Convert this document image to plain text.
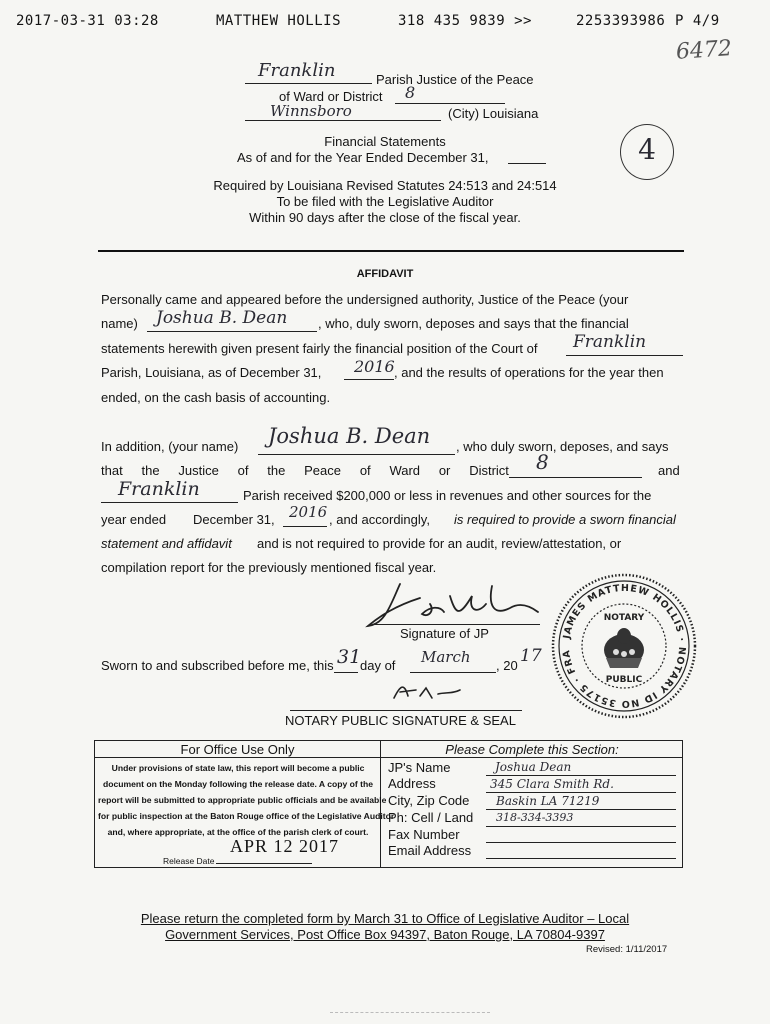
2017-03-31 03:28	MATTHEW HOLLIS	318 435 9839 >>	2253393986 P 4/9
6472
Franklin	Parish Justice of the Peace
of Ward or District 8
Winnsboro	(City) Louisiana
Financial Statements
As of and for the Year Ended December 31,	4
Required by Louisiana Revised Statutes 24:513 and 24:514
To be filed with the Legislative Auditor
Within 90 days after the close of the fiscal year.
AFFIDAVIT
Personally came and appeared before the undersigned authority, Justice of the Peace (your
name) Joshua B. Dean , who, duly sworn, deposes and says that the financial
statements herewith given present fairly the financial position of the Court of Franklin
Parish, Louisiana, as of December 31, 2016 , and the results of operations for the year then
ended, on the cash basis of accounting.
In addition, (your name) Joshua B. Dean , who duly sworn, deposes, and says
that the Justice of the Peace of Ward or District 8	and
Franklin	Parish received $200,000 or less in revenues and other sources for the
year ended December 31, 2016 , and accordingly, is required to provide a sworn financial
statement and affidavit and is not required to provide for an audit, review/attestation, or
compilation report for the previously mentioned fiscal year.
Signature of JP
Sworn to and subscribed before me, this 31
day of March , 20 17
NOTARY PUBLIC SIGNATURE & SEAL
JAMES MATTHEW HOLLIS · NOTARY ID NO 35175 · FRA
NOTARY
PUBLIC
For Office Use Only	Please Complete this Section:
Under provisions of state law, this report will become a public
document on the Monday following the release date. A copy of the
report will be submitted to appropriate public officials and be available
for public inspection at the Baton Rouge office of the Legislative Auditor
and, where appropriate, at the office of the parish clerk of court.
APR 12 2017
Release Date
JP's Name	Joshua Dean
Address	345 Clara Smith Rd.
City, Zip Code Baskin LA 71219
Ph: Cell / Land 318-334-3393
Fax Number
Email Address
Please return the completed form by March 31 to Office of Legislative Auditor – Local
Government Services, Post Office Box 94397, Baton Rouge, LA 70804-9397
Revised: 1/11/2017
